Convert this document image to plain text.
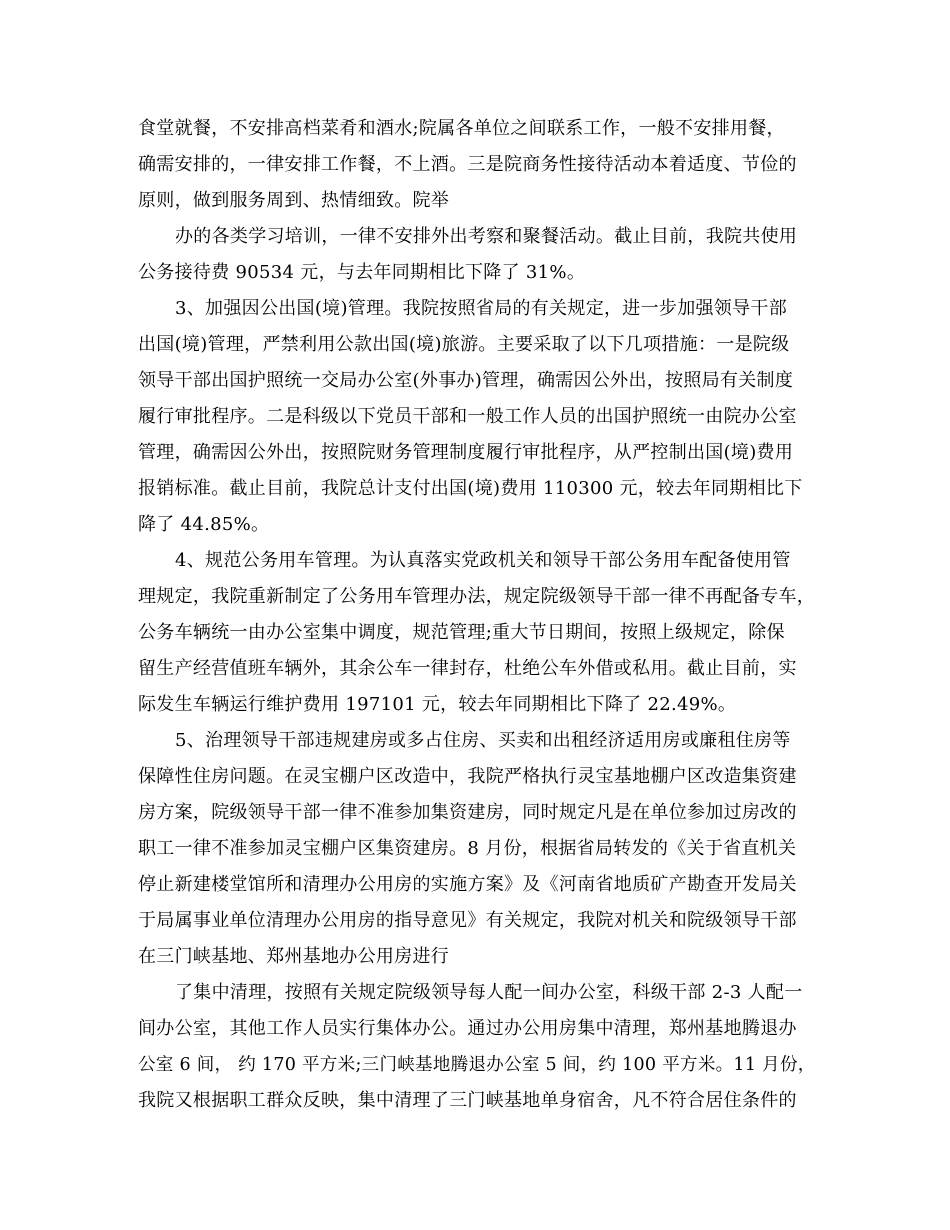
食堂就餐，不安排高档菜肴和酒水;院属各单位之间联系工作，一般不安排用餐，
确需安排的，一律安排工作餐，不上酒。三是院商务性接待活动本着适度、节俭的
原则，做到服务周到、热情细致。院举
办的各类学习培训，一律不安排外出考察和聚餐活动。截止目前，我院共使用
公务接待费 90534 元，与去年同期相比下降了 31%。
3、加强因公出国(境)管理。我院按照省局的有关规定，进一步加强领导干部
出国(境)管理，严禁利用公款出国(境)旅游。主要采取了以下几项措施：一是院级
领导干部出国护照统一交局办公室(外事办)管理，确需因公外出，按照局有关制度
履行审批程序。二是科级以下党员干部和一般工作人员的出国护照统一由院办公室
管理，确需因公外出，按照院财务管理制度履行审批程序，从严控制出国(境)费用
报销标准。截止目前，我院总计支付出国(境)费用 110300 元，较去年同期相比下
降了 44.85%。
4、规范公务用车管理。为认真落实党政机关和领导干部公务用车配备使用管
理规定，我院重新制定了公务用车管理办法，规定院级领导干部一律不再配备专车，
公务车辆统一由办公室集中调度，规范管理;重大节日期间，按照上级规定，除保
留生产经营值班车辆外，其余公车一律封存，杜绝公车外借或私用。截止目前，实
际发生车辆运行维护费用 197101 元，较去年同期相比下降了 22.49%。
5、治理领导干部违规建房或多占住房、买卖和出租经济适用房或廉租住房等
保障性住房问题。在灵宝棚户区改造中，我院严格执行灵宝基地棚户区改造集资建
房方案，院级领导干部一律不准参加集资建房，同时规定凡是在单位参加过房改的
职工一律不准参加灵宝棚户区集资建房。8 月份，根据省局转发的《关于省直机关
停止新建楼堂馆所和清理办公用房的实施方案》及《河南省地质矿产勘查开发局关
于局属事业单位清理办公用房的指导意见》有关规定，我院对机关和院级领导干部
在三门峡基地、郑州基地办公用房进行
了集中清理，按照有关规定院级领导每人配一间办公室，科级干部 2-3 人配一
间办公室，其他工作人员实行集体办公。通过办公用房集中清理，郑州基地腾退办
公室 6 间， 约 170 平方米;三门峡基地腾退办公室 5 间，约 100 平方米。11 月份，
我院又根据职工群众反映，集中清理了三门峡基地单身宿舍，凡不符合居住条件的
